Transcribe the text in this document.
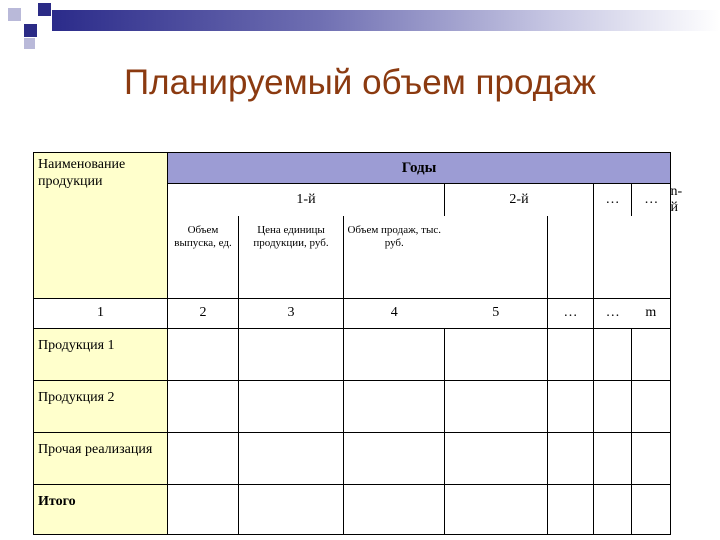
Планируемый объем продаж
Наименование продукции	Годы							
	1-й			2-й		…	…	n-й
	Объем выпуска, ед.	Цена единицы продукции, руб.	Объем продаж, тыс. руб.					
1	2	3	4	5	…	…	m	
Продукция 1								
Продукция 2								
Прочая реализация								
Итого								
